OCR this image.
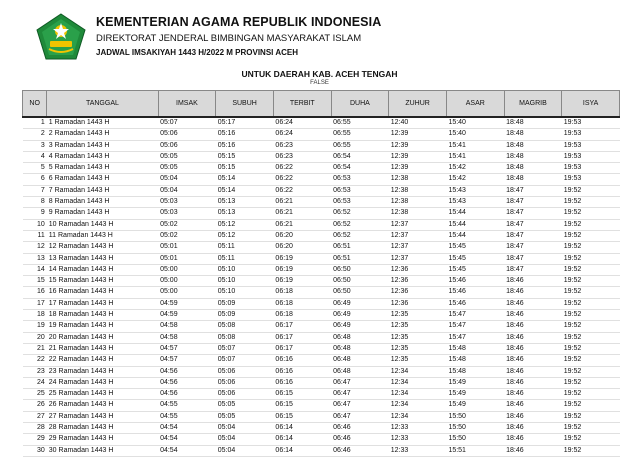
KEMENTERIAN AGAMA REPUBLIK INDONESIA
DIREKTORAT JENDERAL BIMBINGAN MASYARAKAT ISLAM
JADWAL IMSAKIYAH 1443 H/2022 M PROVINSI ACEH
UNTUK DAERAH KAB. ACEH TENGAH
FALSE
NO	TANGGAL	IMSAK	SUBUH	TERBIT	DUHA	ZUHUR	ASAR	MAGRIB	ISYA
1	1 Ramadan 1443 H	05:07	05:17	06:24	06:55	12:40	15:40	18:48	19:53
2	2 Ramadan 1443 H	05:06	05:16	06:24	06:55	12:39	15:40	18:48	19:53
3	3 Ramadan 1443 H	05:06	05:16	06:23	06:55	12:39	15:41	18:48	19:53
4	4 Ramadan 1443 H	05:05	05:15	06:23	06:54	12:39	15:41	18:48	19:53
5	5 Ramadan 1443 H	05:05	05:15	06:22	06:54	12:39	15:42	18:48	19:53
6	6 Ramadan 1443 H	05:04	05:14	06:22	06:53	12:38	15:42	18:48	19:53
7	7 Ramadan 1443 H	05:04	05:14	06:22	06:53	12:38	15:43	18:47	19:52
8	8 Ramadan 1443 H	05:03	05:13	06:21	06:53	12:38	15:43	18:47	19:52
9	9 Ramadan 1443 H	05:03	05:13	06:21	06:52	12:38	15:44	18:47	19:52
10	10 Ramadan 1443 H	05:02	05:12	06:21	06:52	12:37	15:44	18:47	19:52
11	11 Ramadan 1443 H	05:02	05:12	06:20	06:52	12:37	15:44	18:47	19:52
12	12 Ramadan 1443 H	05:01	05:11	06:20	06:51	12:37	15:45	18:47	19:52
13	13 Ramadan 1443 H	05:01	05:11	06:19	06:51	12:37	15:45	18:47	19:52
14	14 Ramadan 1443 H	05:00	05:10	06:19	06:50	12:36	15:45	18:47	19:52
15	15 Ramadan 1443 H	05:00	05:10	06:19	06:50	12:36	15:46	18:46	19:52
16	16 Ramadan 1443 H	05:00	05:10	06:18	06:50	12:36	15:46	18:46	19:52
17	17 Ramadan 1443 H	04:59	05:09	06:18	06:49	12:36	15:46	18:46	19:52
18	18 Ramadan 1443 H	04:59	05:09	06:18	06:49	12:35	15:47	18:46	19:52
19	19 Ramadan 1443 H	04:58	05:08	06:17	06:49	12:35	15:47	18:46	19:52
20	20 Ramadan 1443 H	04:58	05:08	06:17	06:48	12:35	15:47	18:46	19:52
21	21 Ramadan 1443 H	04:57	05:07	06:17	06:48	12:35	15:48	18:46	19:52
22	22 Ramadan 1443 H	04:57	05:07	06:16	06:48	12:35	15:48	18:46	19:52
23	23 Ramadan 1443 H	04:56	05:06	06:16	06:48	12:34	15:48	18:46	19:52
24	24 Ramadan 1443 H	04:56	05:06	06:16	06:47	12:34	15:49	18:46	19:52
25	25 Ramadan 1443 H	04:56	05:06	06:15	06:47	12:34	15:49	18:46	19:52
26	26 Ramadan 1443 H	04:55	05:05	06:15	06:47	12:34	15:49	18:46	19:52
27	27 Ramadan 1443 H	04:55	05:05	06:15	06:47	12:34	15:50	18:46	19:52
28	28 Ramadan 1443 H	04:54	05:04	06:14	06:46	12:33	15:50	18:46	19:52
29	29 Ramadan 1443 H	04:54	05:04	06:14	06:46	12:33	15:50	18:46	19:52
30	30 Ramadan 1443 H	04:54	05:04	06:14	06:46	12:33	15:51	18:46	19:52
